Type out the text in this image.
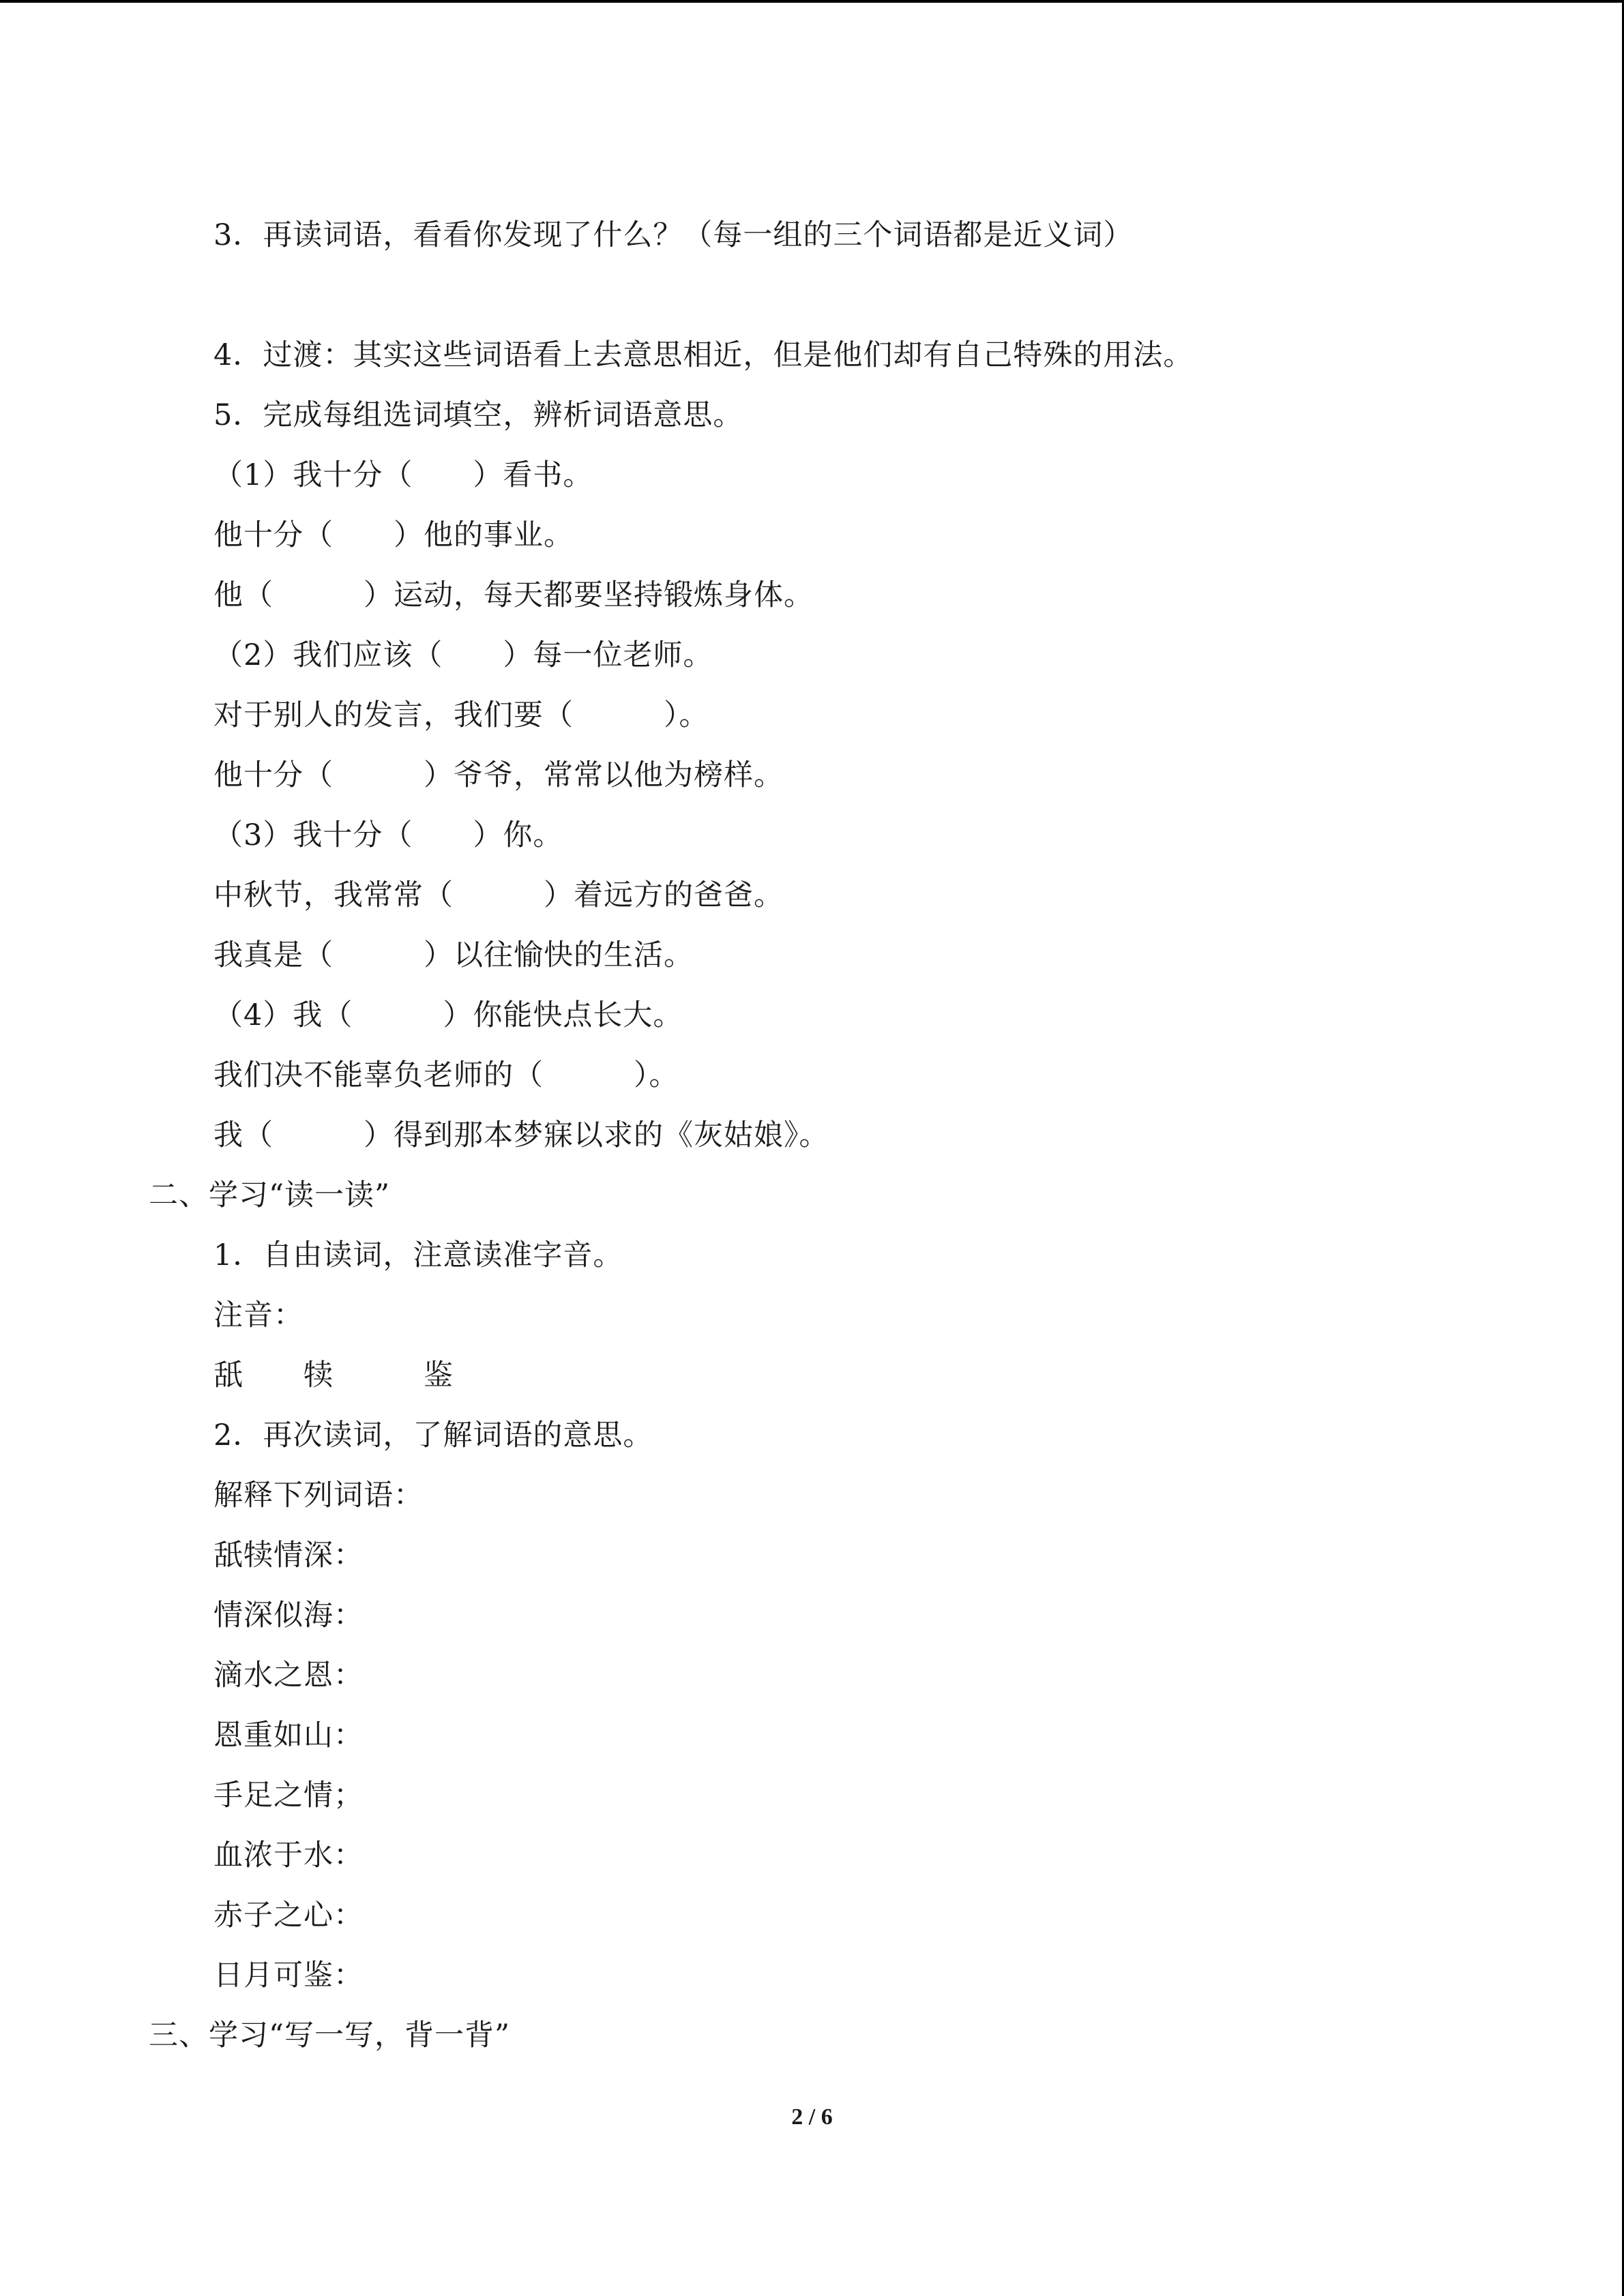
3．再读词语，看看你发现了什么？（每一组的三个词语都是近义词）
4．过渡：其实这些词语看上去意思相近，但是他们却有自己特殊的用法。
5．完成每组选词填空，辨析词语意思。
（1）我十分（　　）看书。
他十分（　　）他的事业。
他（　　　）运动，每天都要坚持锻炼身体。
（2）我们应该（　　）每一位老师。
对于别人的发言，我们要（　　　）。
他十分（　　　）爷爷，常常以他为榜样。
（3）我十分（　　）你。
中秋节，我常常（　　　）着远方的爸爸。
我真是（　　　）以往愉快的生活。
（4）我（　　　）你能快点长大。
我们决不能辜负老师的（　　　）。
我（　　　）得到那本梦寐以求的《灰姑娘》。
二、学习“读一读”
1．自由读词，注意读准字音。
注音：
舐　　犊　　　鉴
2．再次读词，了解词语的意思。
解释下列词语：
舐犊情深：
情深似海：
滴水之恩：
恩重如山：
手足之情；
血浓于水：
赤子之心：
日月可鉴：
三、学习“写一写，背一背”
2 / 6
